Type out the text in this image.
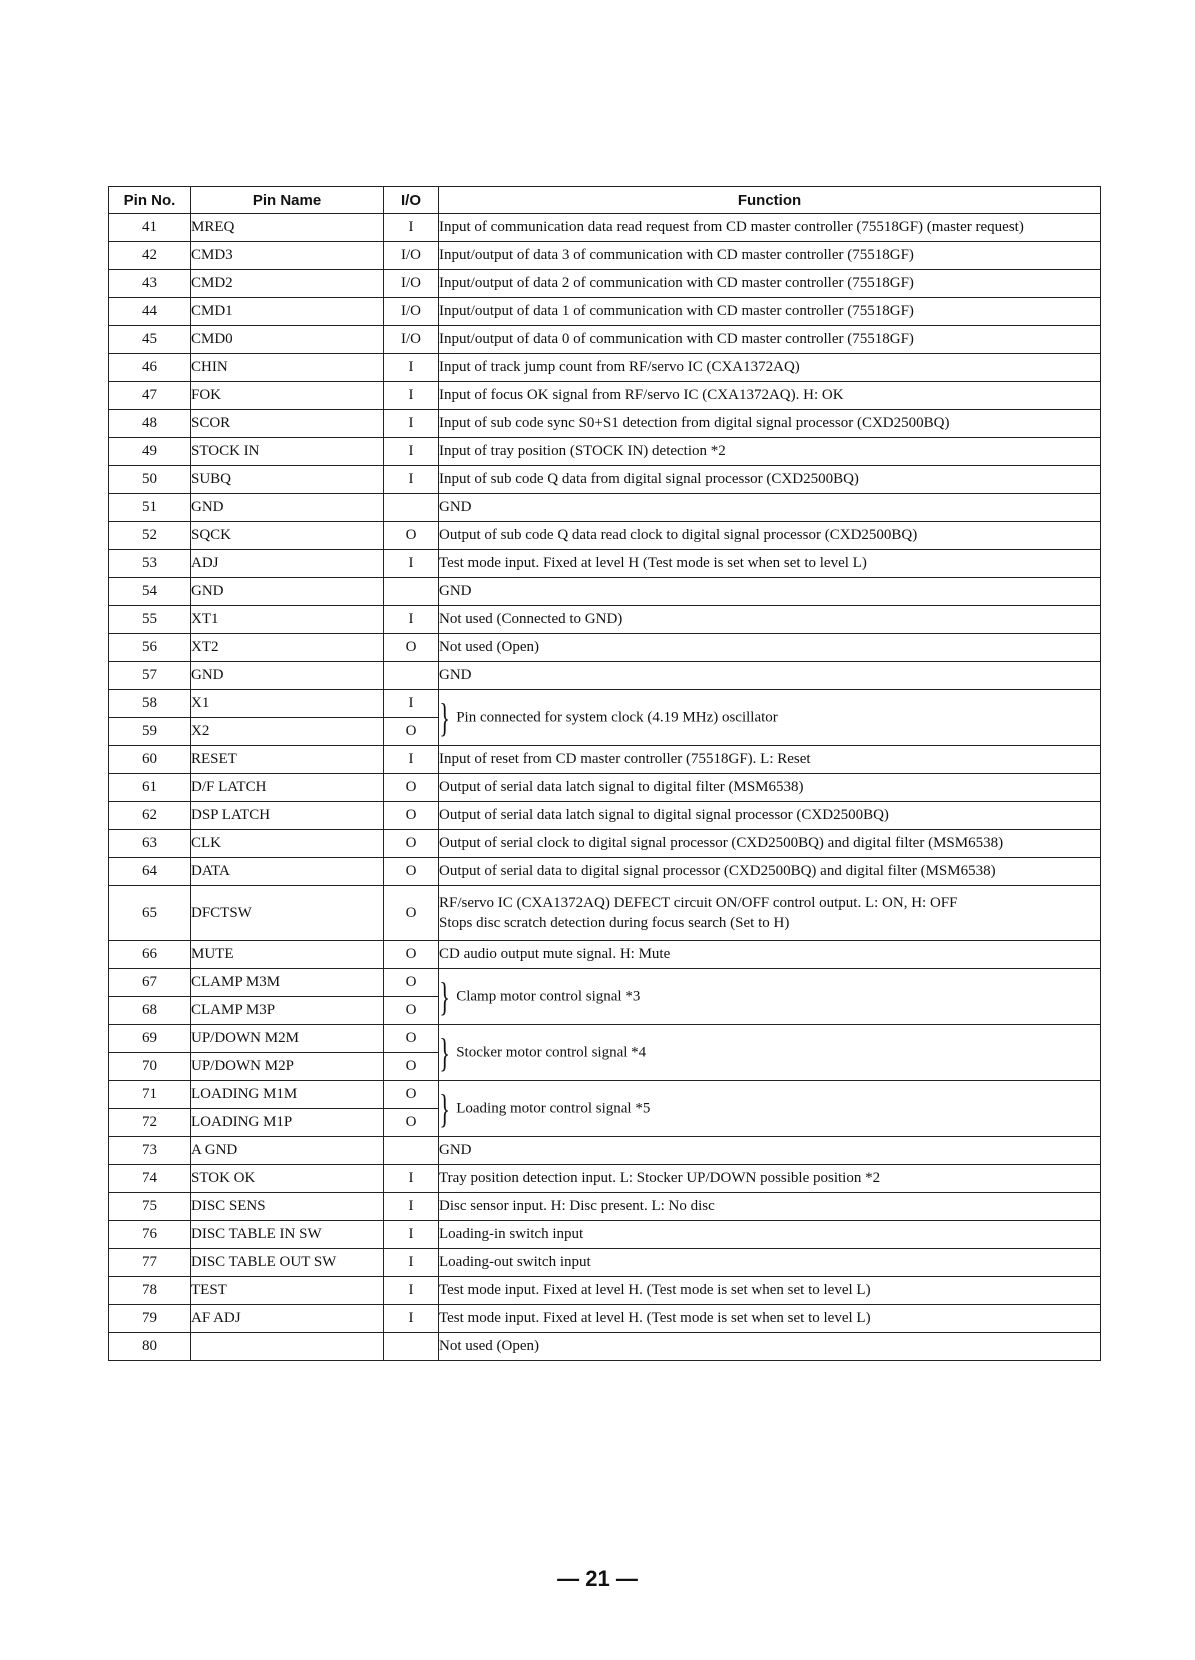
Pin No.	Pin Name	I/O	Function
41	MREQ	I	Input of communication data read request from CD master controller (75518GF) (master request)
42	CMD3	I/O	Input/output of data 3 of communication with CD master controller (75518GF)
43	CMD2	I/O	Input/output of data 2 of communication with CD master controller (75518GF)
44	CMD1	I/O	Input/output of data 1 of communication with CD master controller (75518GF)
45	CMD0	I/O	Input/output of data 0 of communication with CD master controller (75518GF)
46	CHIN	I	Input of track jump count from RF/servo IC (CXA1372AQ)
47	FOK	I	Input of focus OK signal from RF/servo IC (CXA1372AQ). H: OK
48	SCOR	I	Input of sub code sync S0+S1 detection from digital signal processor (CXD2500BQ)
49	STOCK IN	I	Input of tray position (STOCK IN) detection *2
50	SUBQ	I	Input of sub code Q data from digital signal processor (CXD2500BQ)
51	GND		GND
52	SQCK	O	Output of sub code Q data read clock to digital signal processor (CXD2500BQ)
53	ADJ	I	Test mode input. Fixed at level H (Test mode is set when set to level L)
54	GND		GND
55	XT1	I	Not used (Connected to GND)
56	XT2	O	Not used (Open)
57	GND		GND
58	X1	I	} Pin connected for system clock (4.19 MHz) oscillator
59	X2	O	
60	RESET	I	Input of reset from CD master controller (75518GF). L: Reset
61	D/F LATCH	O	Output of serial data latch signal to digital filter (MSM6538)
62	DSP LATCH	O	Output of serial data latch signal to digital signal processor (CXD2500BQ)
63	CLK	O	Output of serial clock to digital signal processor (CXD2500BQ) and digital filter (MSM6538)
64	DATA	O	Output of serial data to digital signal processor (CXD2500BQ) and digital filter (MSM6538)
65	DFCTSW	O	RF/servo IC (CXA1372AQ) DEFECT circuit ON/OFF control output. L: ON, H: OFF
Stops disc scratch detection during focus search (Set to H)

66	MUTE	O	CD audio output mute signal. H: Mute
67	CLAMP M3M	O	} Clamp motor control signal *3
68	CLAMP M3P	O	
69	UP/DOWN M2M	O	} Stocker motor control signal *4
70	UP/DOWN M2P	O	
71	LOADING M1M	O	} Loading motor control signal *5
72	LOADING M1P	O	
73	A GND		GND
74	STOK OK	I	Tray position detection input. L: Stocker UP/DOWN possible position *2
75	DISC SENS	I	Disc sensor input. H: Disc present. L: No disc
76	DISC TABLE IN SW	I	Loading-in switch input
77	DISC TABLE OUT SW	I	Loading-out switch input
78	TEST	I	Test mode input. Fixed at level H. (Test mode is set when set to level L)
79	AF ADJ	I	Test mode input. Fixed at level H. (Test mode is set when set to level L)
80			Not used (Open)
— 21 —
